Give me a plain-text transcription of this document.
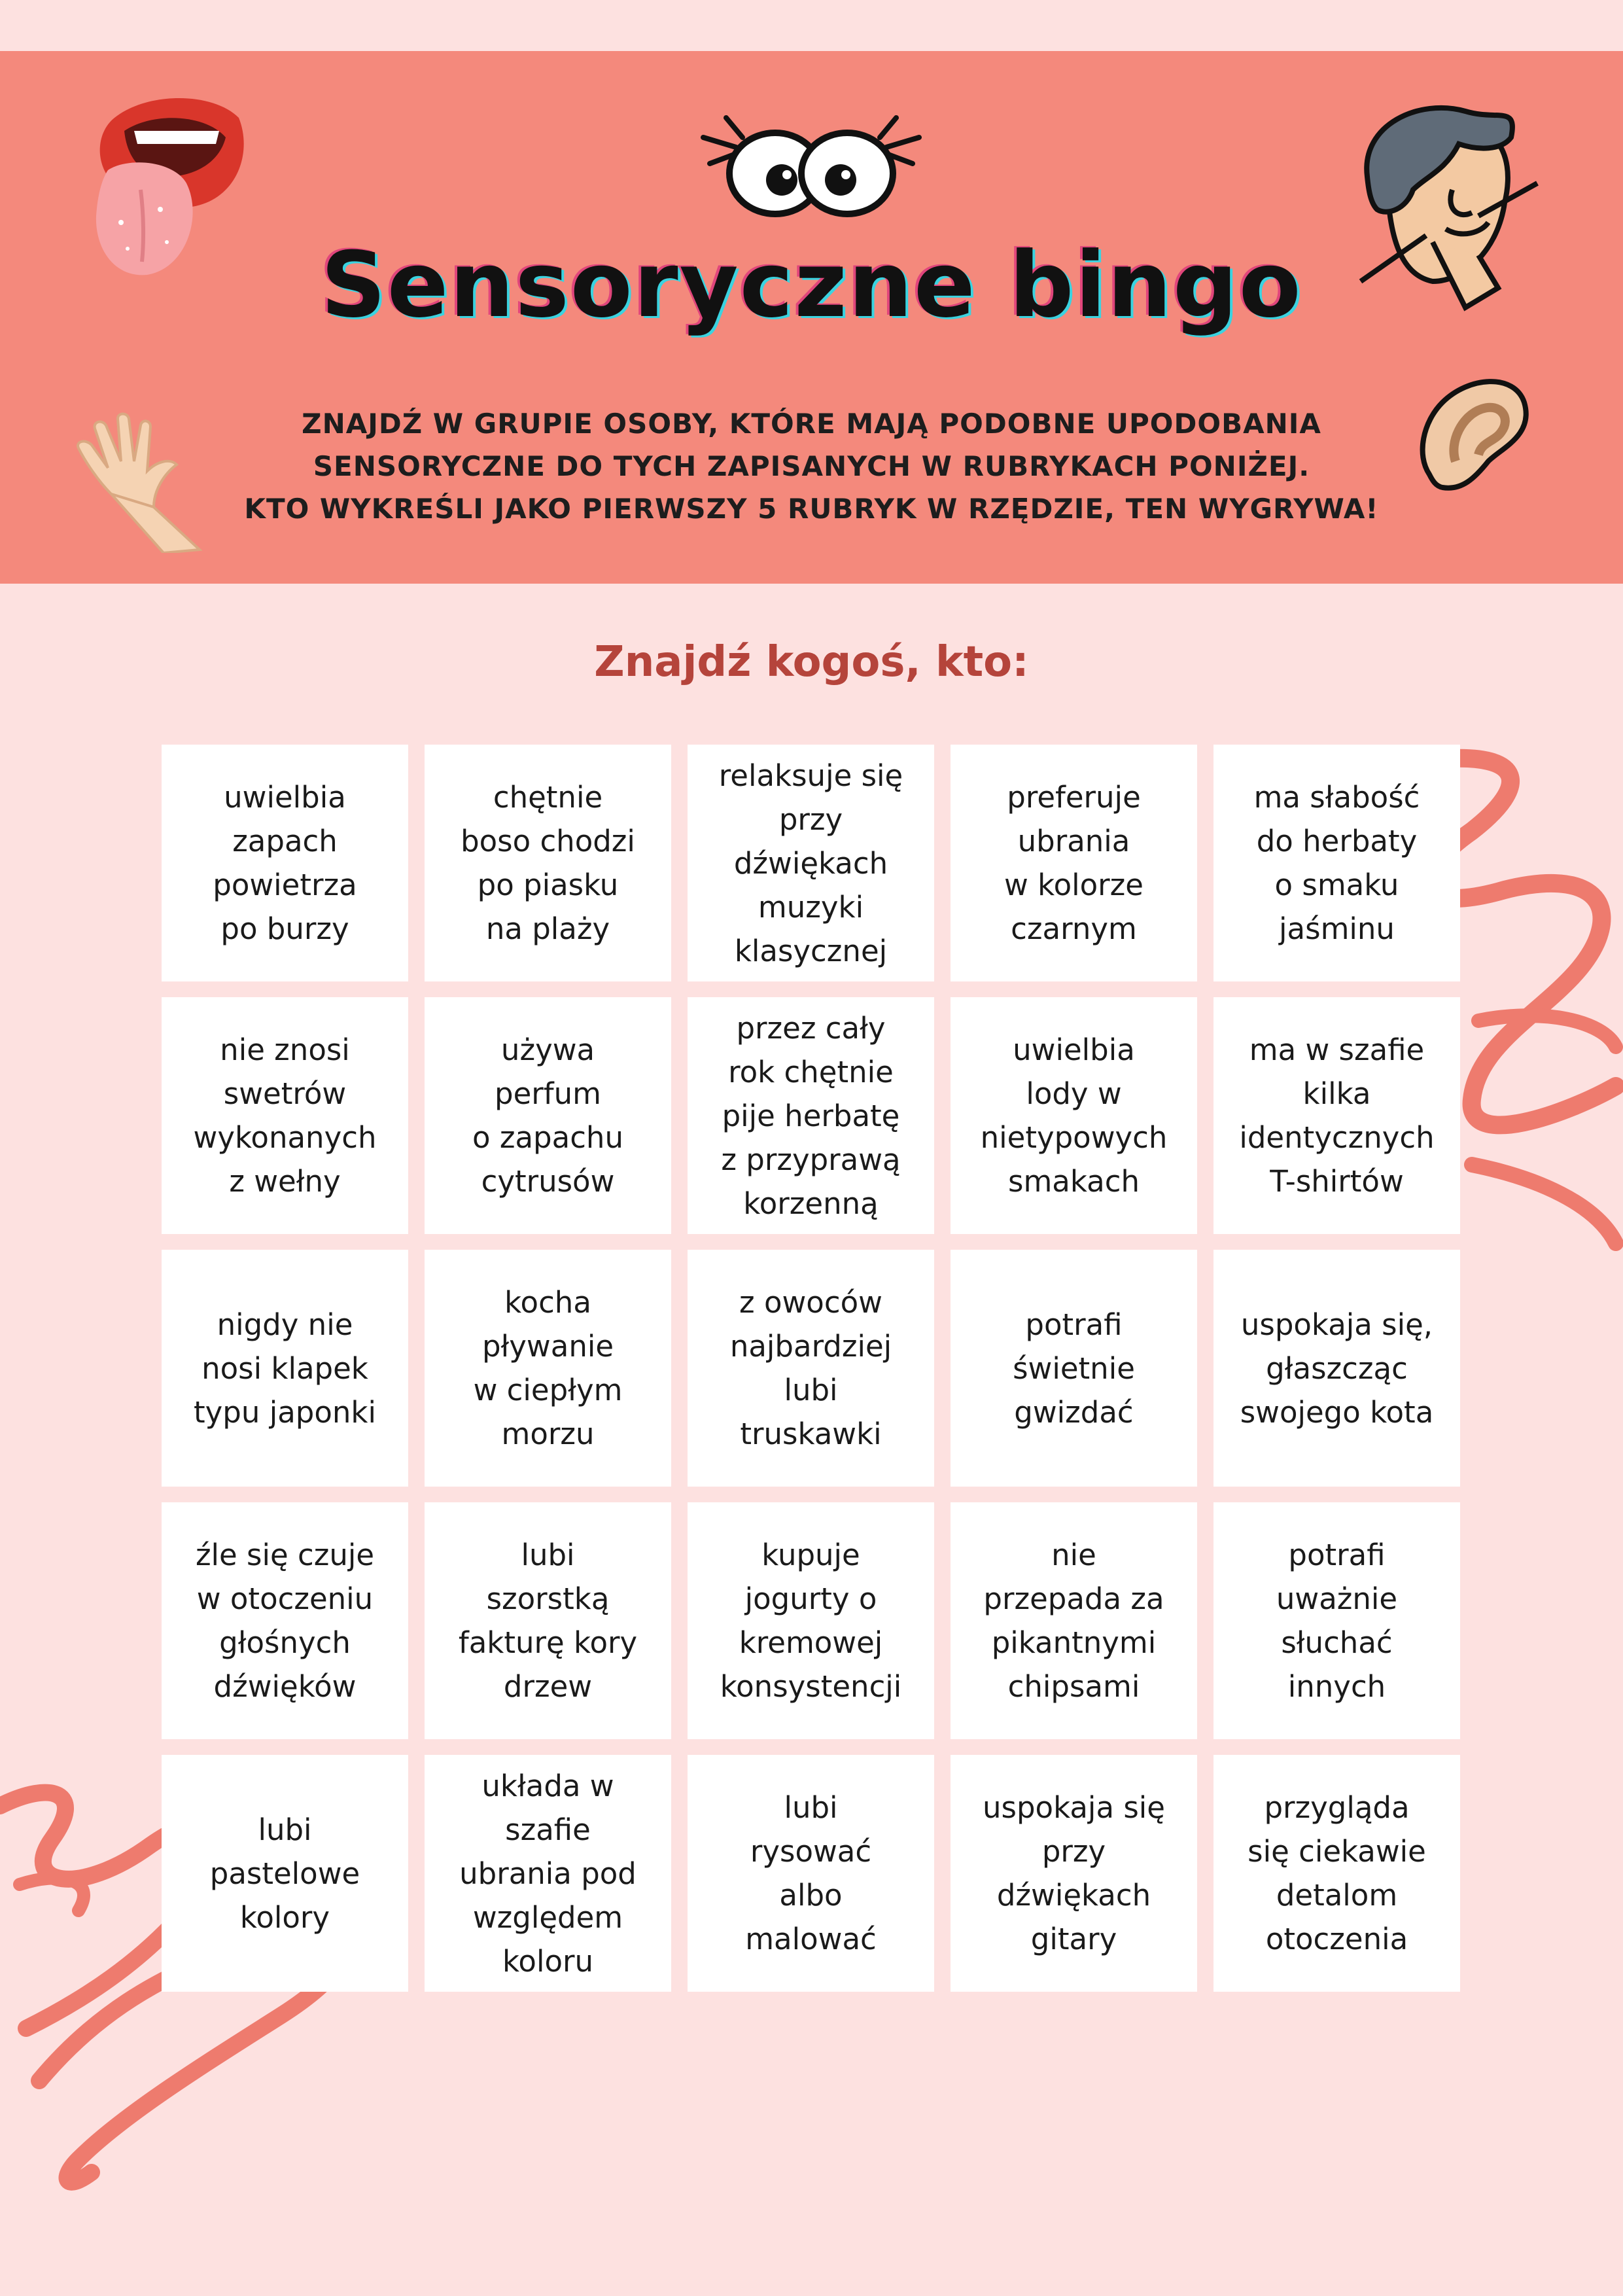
Sensoryczne bingo
ZNAJDŹ W GRUPIE OSOBY, KTÓRE MAJĄ PODOBNE UPODOBANIA
SENSORYCZNE DO TYCH ZAPISANYCH W RUBRYKACH PONIŻEJ.
KTO WYKREŚLI JAKO PIERWSZY 5 RUBRYK W RZĘDZIE, TEN WYGRYWA!
Znajdź kogoś, kto:
uwielbia
zapach
powietrza
po burzy
chętnie
boso chodzi
po piasku
na plaży
relaksuje się
przy
dźwiękach
muzyki
klasycznej
preferuje
ubrania
w kolorze
czarnym
ma słabość
do herbaty
o smaku
jaśminu
nie znosi
swetrów
wykonanych
z wełny
używa
perfum
o zapachu
cytrusów
przez cały
rok chętnie
pije herbatę
z przyprawą
korzenną
uwielbia
lody w
nietypowych
smakach
ma w szafie
kilka
identycznych
T-shirtów
nigdy nie
nosi klapek
typu japonki
kocha
pływanie
w ciepłym
morzu
z owoców
najbardziej
lubi
truskawki
potrafi
świetnie
gwizdać
uspokaja się,
głaszcząc
swojego kota
źle się czuje
w otoczeniu
głośnych
dźwięków
lubi
szorstką
fakturę kory
drzew
kupuje
jogurty o
kremowej
konsystencji
nie
przepada za
pikantnymi
chipsami
potrafi
uważnie
słuchać
innych
lubi
pastelowe
kolory
układa w
szafie
ubrania pod
względem
koloru
lubi
rysować
albo
malować
uspokaja się
przy
dźwiękach
gitary
przygląda
się ciekawie
detalom
otoczenia
